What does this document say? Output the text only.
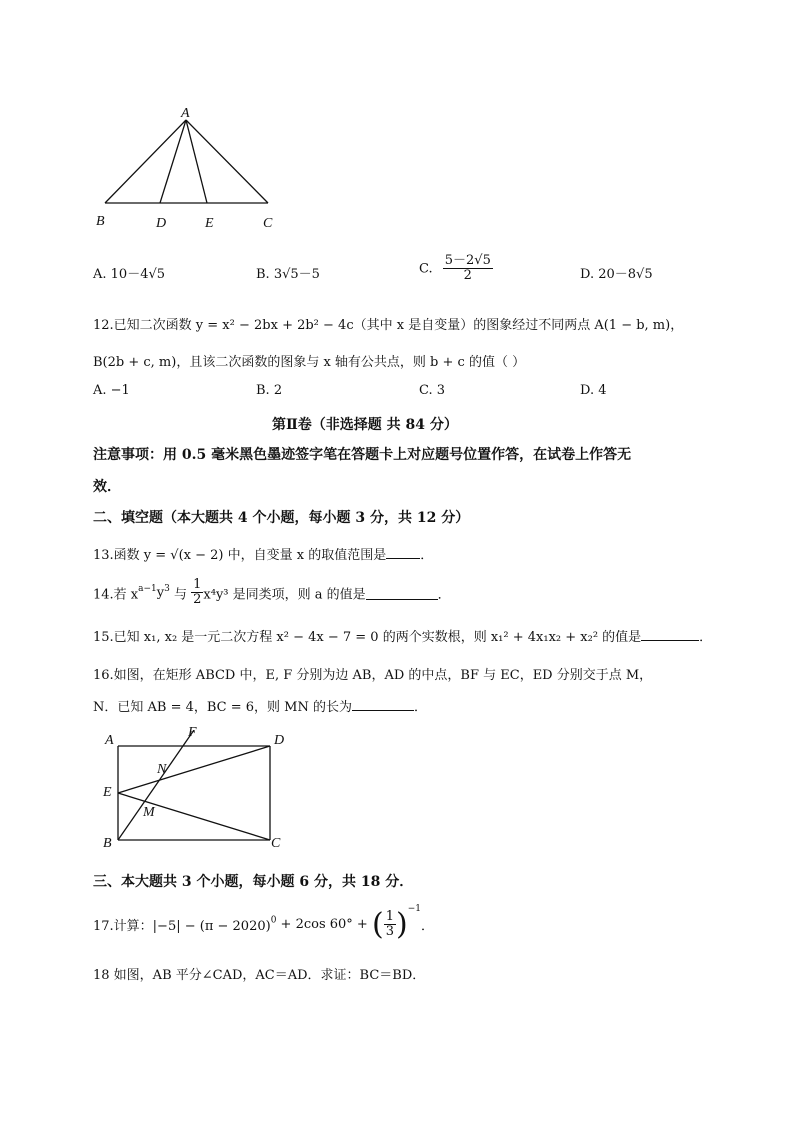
A
B	D	E	C
A. 10－4√5	B. 3√5－5	C. $\frac{5-2√5}{2}$	D. 20－8√5
12.已知二次函数 y = x² − 2bx + 2b² − 4c（其中 x 是自变量）的图象经过不同两点 A(1 − b, m)，
B(2b + c, m)，且该二次函数的图象与 x 轴有公共点，则 b + c 的值（ ）
A. −1	B. 2	C. 3	D. 4
第Ⅱ卷（非选择题 共 84 分）
注意事项：用 0.5 毫米黑色墨迹签字笔在答题卡上对应题号位置作答，在试卷上作答无
效．
二、填空题（本大题共 4 个小题，每小题 3 分，共 12 分）
13.函数 y = √(x − 2) 中，自变量 x 的取值范围是	．
14.若 $x^{a-1}y^3$ 与 $\frac{1}{2} x^4y^3$ 是同类项，则 a 的值是	．
15.已知 x₁, x₂ 是一元二次方程 x² − 4x − 7 = 0 的两个实数根，则 x₁² + 4x₁x₂ + x₂² 的值是	．
16.如图，在矩形 ABCD 中，E, F 分别为边 AB，AD 的中点，BF 与 EC，ED 分别交于点 M，
N．已知 AB = 4，BC = 6，则 MN 的长为	．
A
F
D
N
E
M
B	C
三、本大题共 3 个小题，每小题 6 分，共 18 分．
17.计算：$|-5| - (\pi - 2020)^0 + 2\cos$ 60° + ( $\frac{1}{3} )^{-1}$．
18 如图，AB 平分∠CAD，AC＝AD．求证：BC＝BD．
